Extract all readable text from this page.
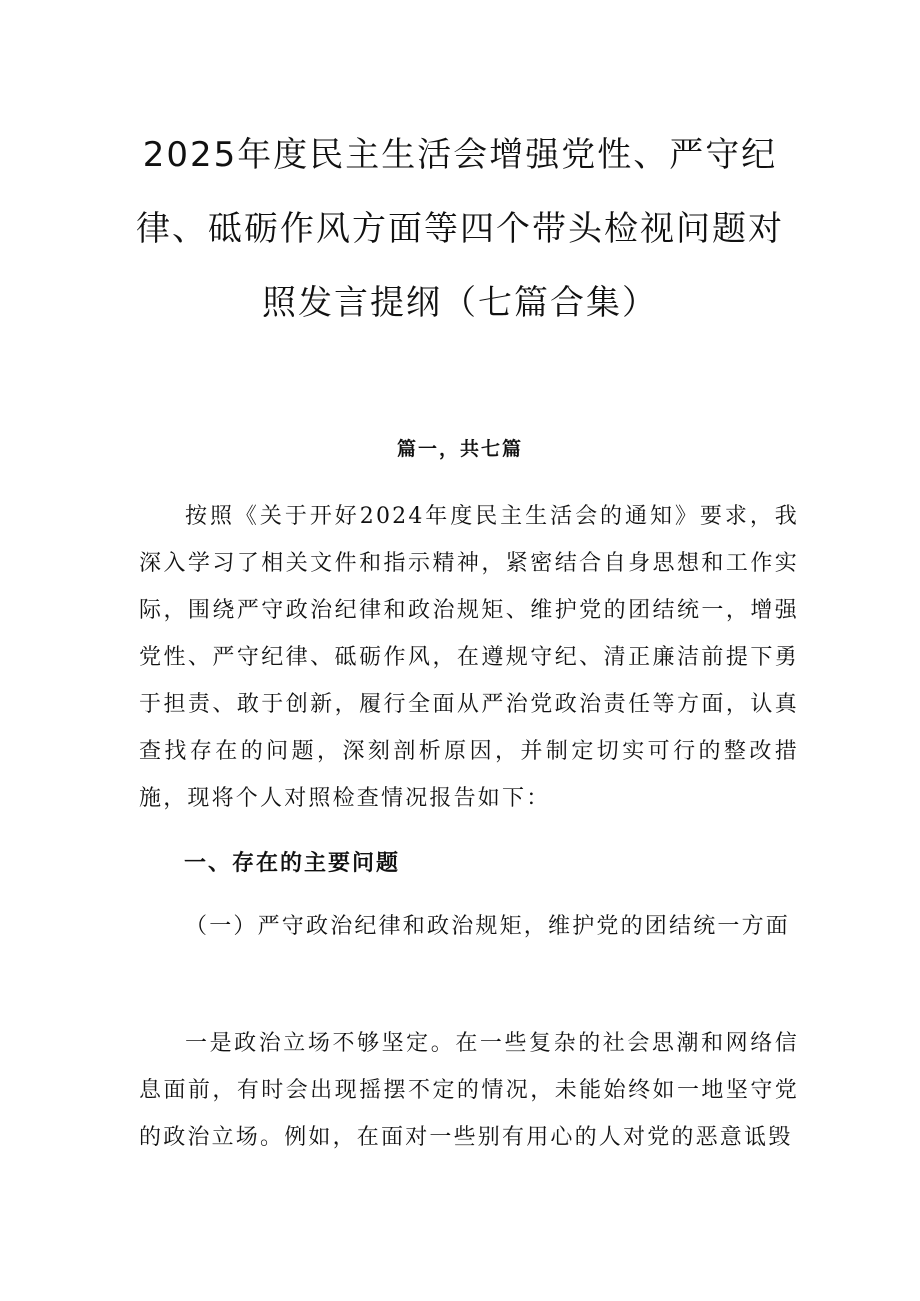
2025年度民主生活会增强党性、严守纪
律、砥砺作风方面等四个带头检视问题对
照发言提纲（七篇合集）
篇一，共七篇

按照《关于开好2024年度民主生活会的通知》要求，我深入学习了相关文件和指示精神，紧密结合自身思想和工作实际，围绕严守政治纪律和政治规矩、维护党的团结统一，增强党性、严守纪律、砥砺作风，在遵规守纪、清正廉洁前提下勇于担责、敢于创新，履行全面从严治党政治责任等方面，认真查找存在的问题，深刻剖析原因，并制定切实可行的整改措施，现将个人对照检查情况报告如下：

一、存在的主要问题

（一）严守政治纪律和政治规矩，维护党的团结统一方面

一是政治立场不够坚定。在一些复杂的社会思潮和网络信息面前，有时会出现摇摆不定的情况，未能始终如一地坚守党的政治立场。例如，在面对一些别有用心的人对党的恶意诋毁
